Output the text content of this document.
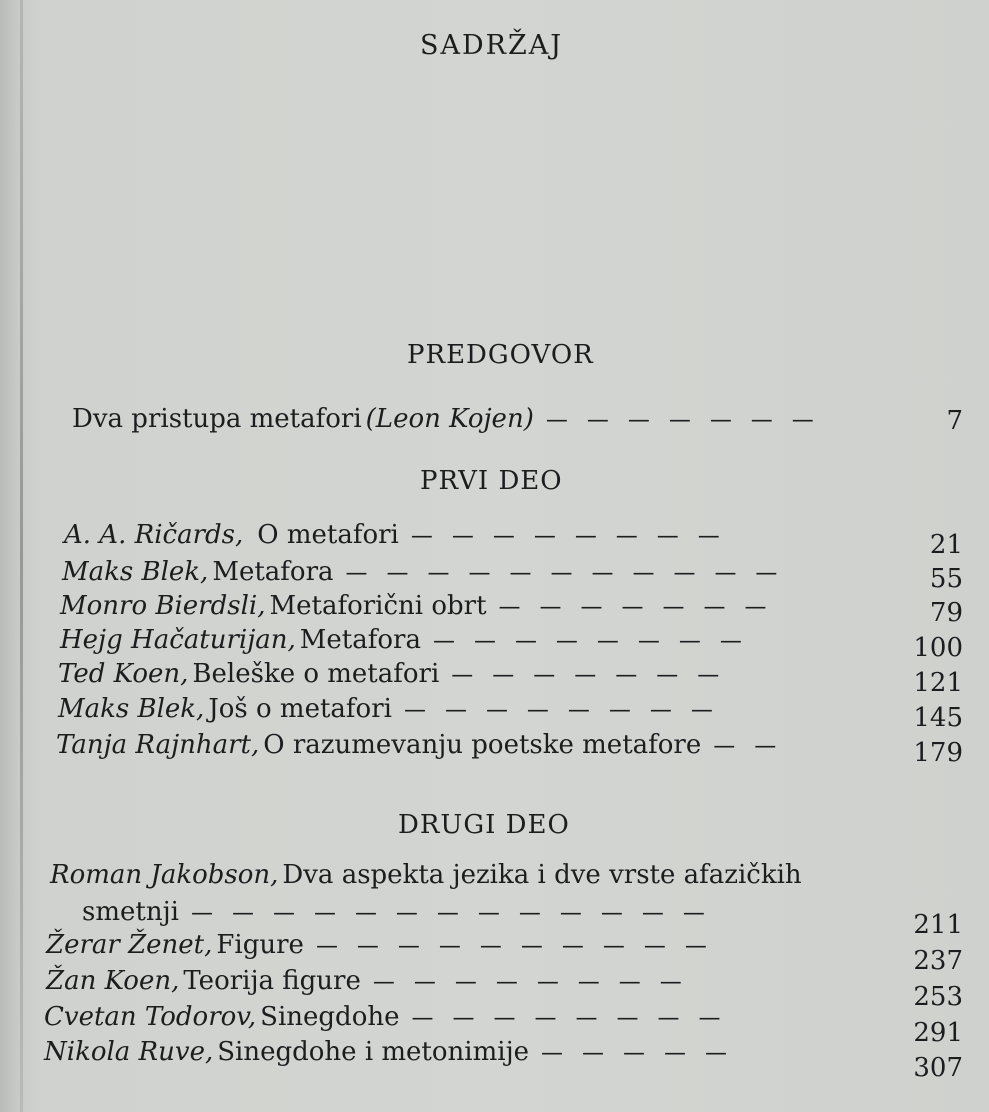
SADRŽAJ
PREDGOVOR
Dva pristupa metafori (Leon Kojen) — — — — — — —	7
PRVI DEO
A. A. Ričards, O metafori — — — — — — — —	21
Maks Blek, Metafora — — — — — — — — — — —	55
Monro Bierdsli, Metaforični obrt — — — — — — —	79
Hejg Hačaturijan, Metafora — — — — — — — —	100
Ted Koen, Beleške o metafori — — — — — — —	121
Maks Blek, Još o metafori — — — — — — — —	145
Tanja Rajnhart, O razumevanju poetske metafore — —	179
DRUGI DEO
Roman Jakobson, Dva aspekta jezika i dve vrste afazičkih
smetnji — — — — — — — — — — — — —	211
Žerar Ženet, Figure — — — — — — — — — —	237
Žan Koen, Teorija figure — — — — — — — —	253
Cvetan Todorov, Sinegdohe — — — — — — — —	291
Nikola Ruve, Sinegdohe i metonimije — — — — —	307
